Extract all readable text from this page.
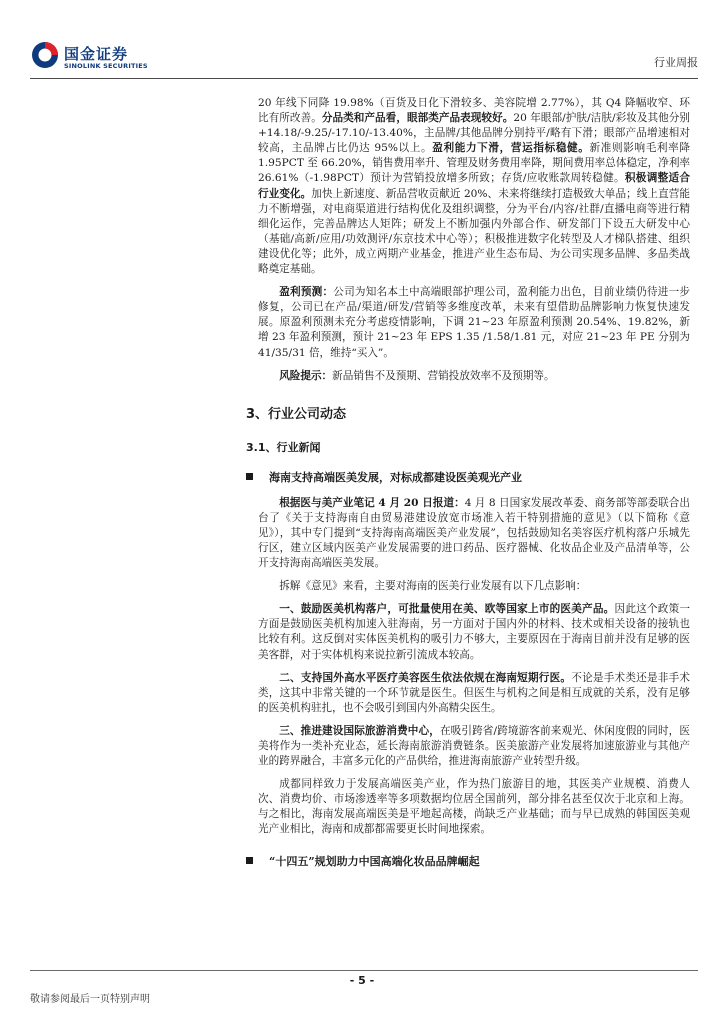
国金证券
SINOLINK SECURITIES	行业周报

20 年线下同降 19.98%（百货及日化下滑较多、美容院增 2.77%），其 Q4 降幅收窄、环比有所改善。分品类和产品看，眼部类产品表现较好。20 年眼部/护肤/洁肤/彩妆及其他分别+14.18/-9.25/-17.10/-13.40%，主品牌/其他品牌分别持平/略有下滑；眼部产品增速相对较高，主品牌占比仍达 95%以上。盈利能力下滑，营运指标稳健。新准则影响毛利率降 1.95PCT 至 66.20%，销售费用率升、管理及财务费用率降，期间费用率总体稳定，净利率 26.61%（-1.98PCT）预计为营销投放增多所致；存货/应收账款周转稳健。积极调整适合行业变化。加快上新速度、新品营收贡献近 20%、未来将继续打造极致大单品；线上直营能力不断增强，对电商渠道进行结构优化及组织调整，分为平台/内容/社群/直播电商等进行精细化运作，完善品牌达人矩阵；研发上不断加强内外部合作、研发部门下设五大研发中心（基础/高新/应用/功效测评/东京技术中心等）；积极推进数字化转型及人才梯队搭建、组织建设优化等；此外，成立两期产业基金，推进产业生态布局、为公司实现多品牌、多品类战略奠定基础。

盈利预测：公司为知名本土中高端眼部护理公司，盈利能力出色，目前业绩仍待进一步修复，公司已在产品/渠道/研发/营销等多维度改革，未来有望借助品牌影响力恢复快速发展。原盈利预测未充分考虑疫情影响，下调 21~23 年原盈利预测 20.54%、19.82%，新增 23 年盈利预测，预计 21~23 年 EPS 1.35 /1.58/1.81 元，对应 21~23 年 PE 分别为 41/35/31 倍，维持“买入”。

风险提示：新品销售不及预期、营销投放效率不及预期等。

3、行业公司动态
3.1、行业新闻
海南支持高端医美发展，对标成都建设医美观光产业

根据医与美产业笔记 4 月 20 日报道：4 月 8 日国家发展改革委、商务部等部委联合出台了《关于支持海南自由贸易港建设放宽市场准入若干特别措施的意见》（以下简称《意见》），其中专门提到“支持海南高端医美产业发展”，包括鼓励知名美容医疗机构落户乐城先行区，建立区域内医美产业发展需要的进口药品、医疗器械、化妆品企业及产品清单等，公开支持海南高端医美发展。

拆解《意见》来看，主要对海南的医美行业发展有以下几点影响：

一、鼓励医美机构落户，可批量使用在美、欧等国家上市的医美产品。因此这个政策一方面是鼓励医美机构加速入驻海南，另一方面对于国内外的材料、技术或相关设备的接轨也比较有利。这反倒对实体医美机构的吸引力不够大，主要原因在于海南目前并没有足够的医美客群，对于实体机构来说拉新引流成本较高。

二、支持国外高水平医疗美容医生依法依规在海南短期行医。不论是手术类还是非手术类，这其中非常关键的一个环节就是医生。但医生与机构之间是相互成就的关系，没有足够的医美机构驻扎，也不会吸引到国内外高精尖医生。

三、推进建设国际旅游消费中心，在吸引跨省/跨境游客前来观光、休闲度假的同时，医美将作为一类补充业态，延长海南旅游消费链条。医美旅游产业发展将加速旅游业与其他产业的跨界融合，丰富多元化的产品供给，推进海南旅游产业转型升级。

成都同样致力于发展高端医美产业，作为热门旅游目的地，其医美产业规模、消费人次、消费均价、市场渗透率等多项数据均位居全国前列，部分排名甚至仅次于北京和上海。与之相比，海南发展高端医美是平地起高楼，尚缺乏产业基础；而与早已成熟的韩国医美观光产业相比，海南和成都都需要更长时间地探索。

“十四五”规划助力中国高端化妆品品牌崛起
- 5 -
敬请参阅最后一页特别声明
